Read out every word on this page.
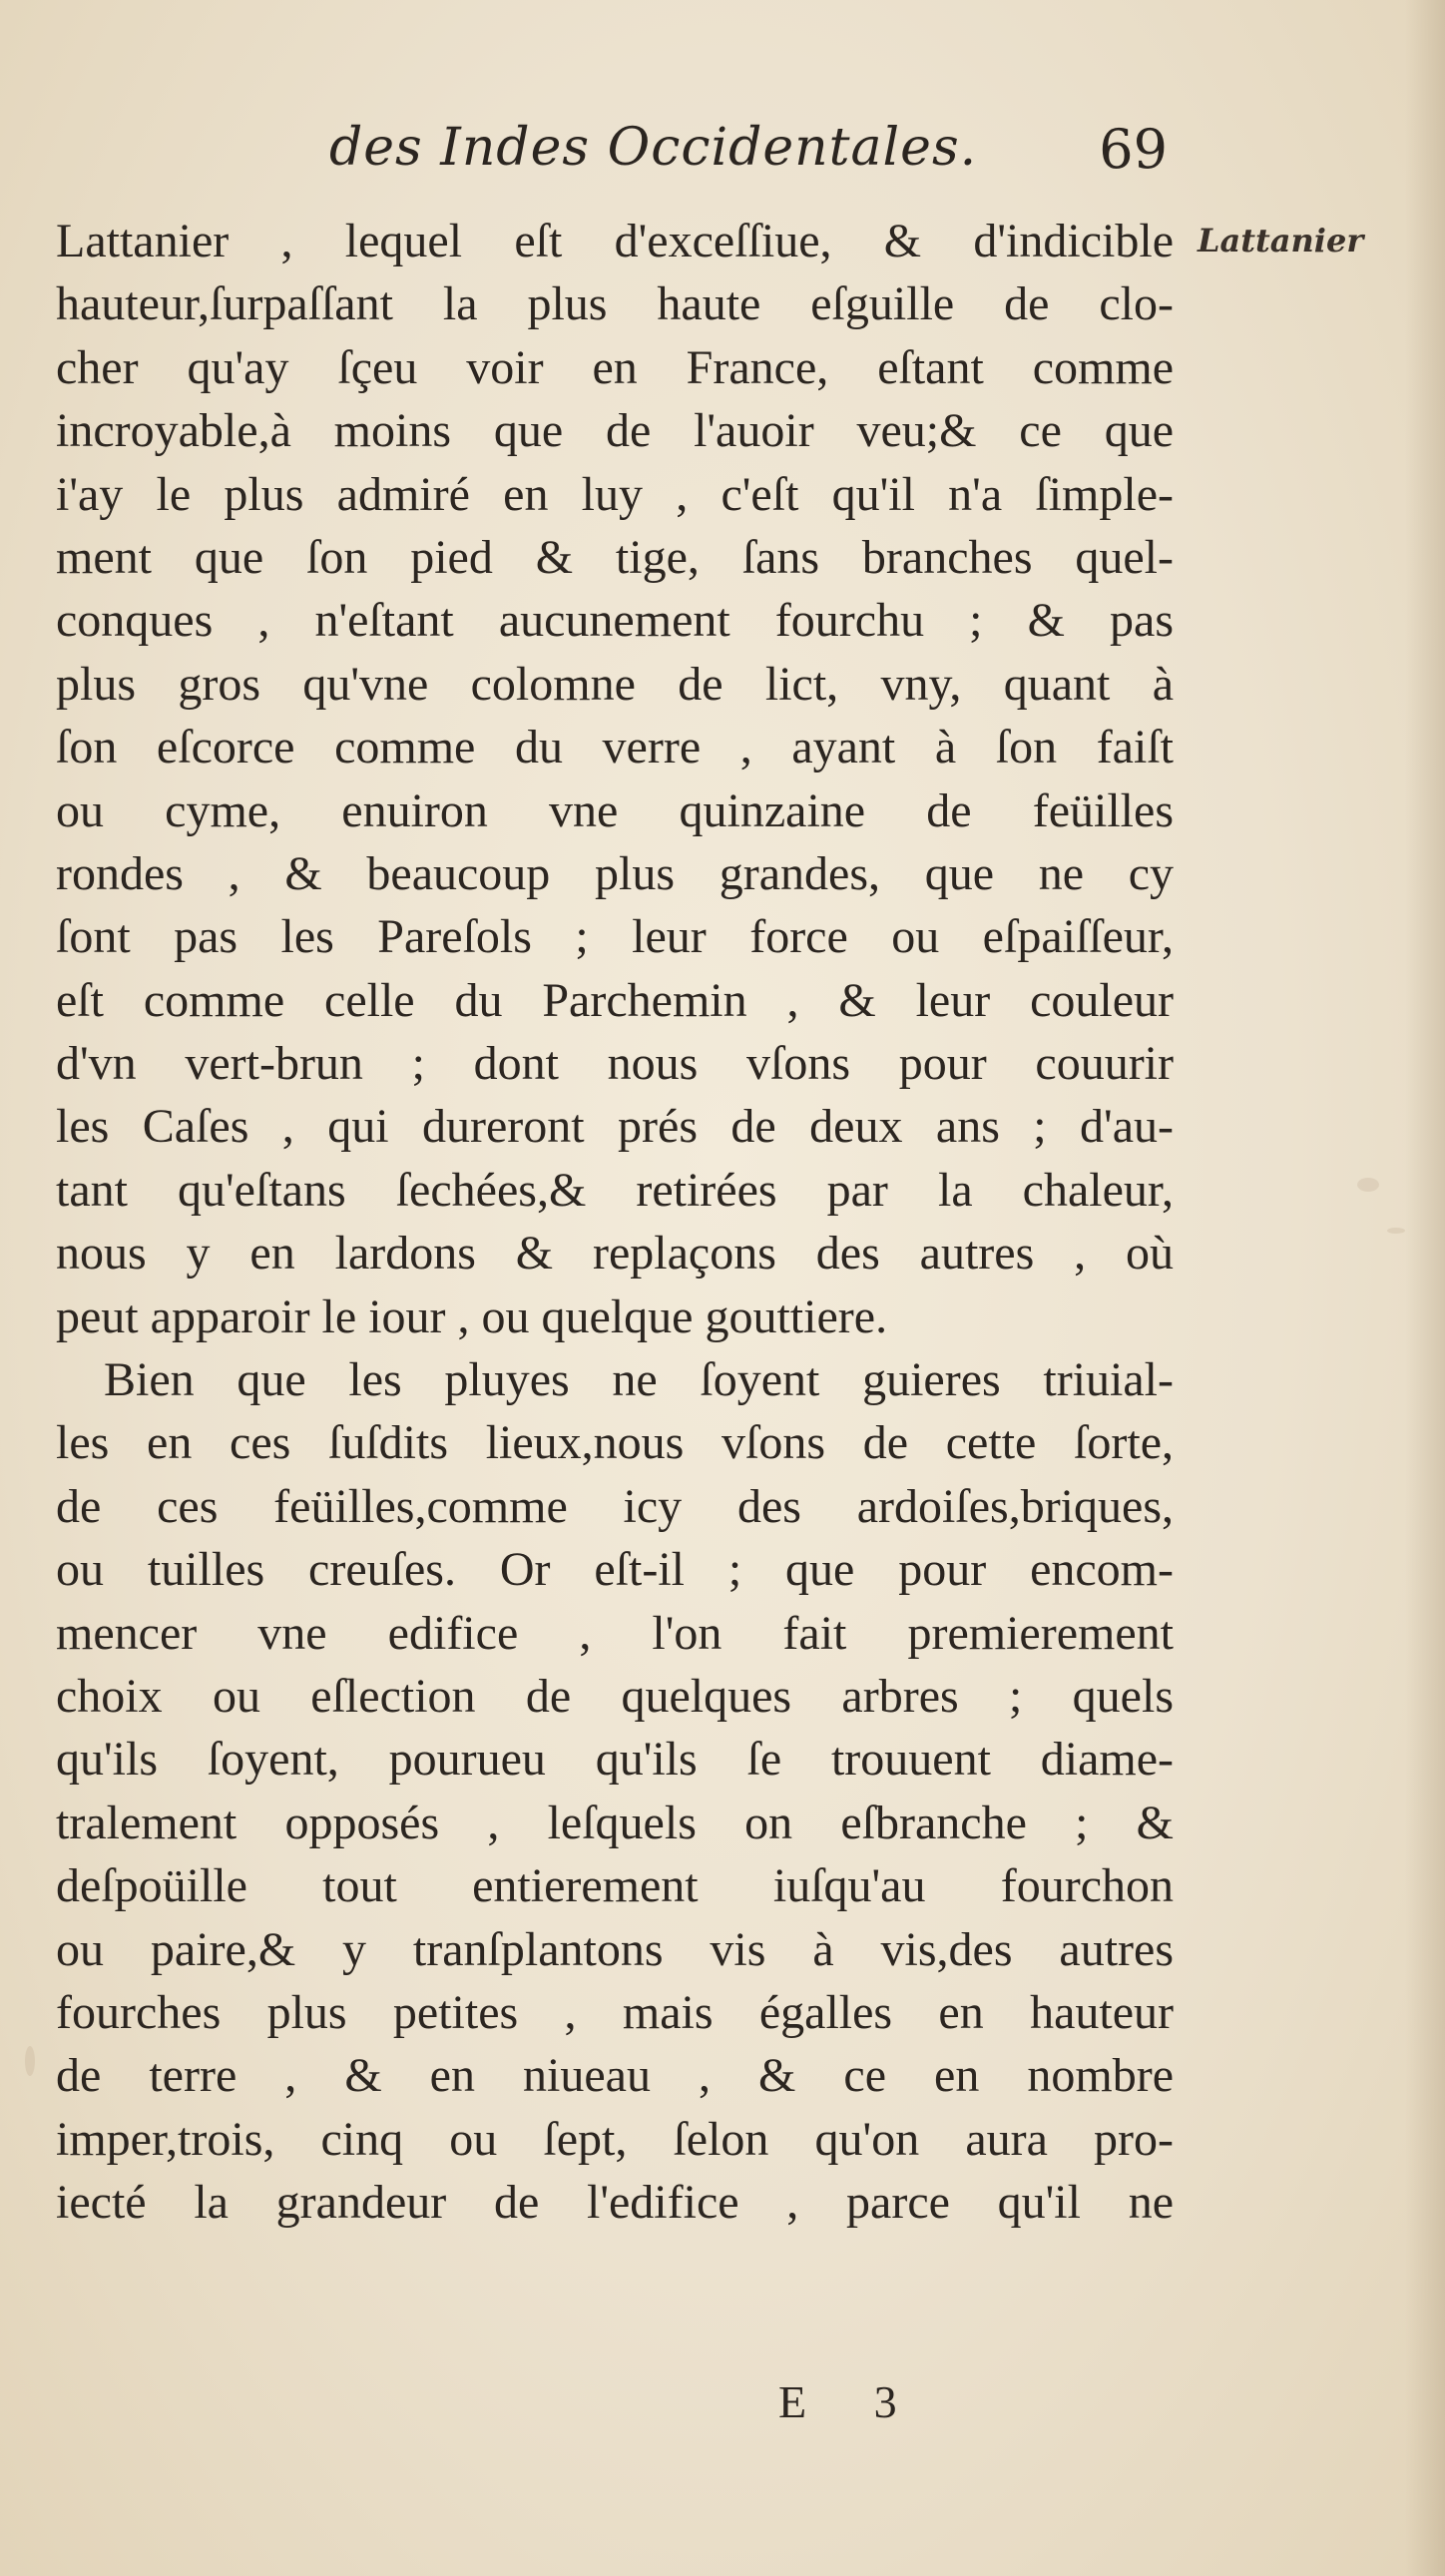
des Indes Occidentales. 69
Lattanier
Lattanier , lequel eſt d'exceſſiue, & d'indicible
hauteur,ſurpaſſant la plus haute eſguille de clo-
cher qu'ay ſçeu voir en France, eſtant comme
incroyable,à moins que de l'auoir veu;& ce que
i'ay le plus admiré en luy , c'eſt qu'il n'a ſimple-
ment que ſon pied & tige, ſans branches quel-
conques , n'eſtant aucunement fourchu ; & pas
plus gros qu'vne colomne de lict, vny, quant à
ſon eſcorce comme du verre , ayant à ſon faiſt
ou cyme, enuiron vne quinzaine de feüilles
rondes , & beaucoup plus grandes, que ne cy
ſont pas les Pareſols ; leur force ou eſpaiſſeur,
eſt comme celle du Parchemin , & leur couleur
d'vn vert-brun ; dont nous vſons pour couurir
les Caſes , qui dureront prés de deux ans ; d'au-
tant qu'eſtans ſechées,& retirées par la chaleur,
nous y en lardons & replaçons des autres , où
peut apparoir le iour , ou quelque gouttiere.
Bien que les pluyes ne ſoyent guieres triuial-
les en ces ſuſdits lieux,nous vſons de cette ſorte,
de ces feüilles,comme icy des ardoiſes,briques,
ou tuilles creuſes. Or eſt-il ; que pour encom-
mencer vne edifice , l'on fait premierement
choix ou eſlection de quelques arbres ; quels
qu'ils ſoyent, pourueu qu'ils ſe trouuent diame-
tralement opposés , leſquels on eſbranche ; &
deſpoüille tout entierement iuſqu'au fourchon
ou paire,& y tranſplantons vis à vis,des autres
fourches plus petites , mais égalles en hauteur
de terre , & en niueau , & ce en nombre
imper,trois, cinq ou ſept, ſelon qu'on aura pro-
iecté la grandeur de l'edifice , parce qu'il ne
E 3
